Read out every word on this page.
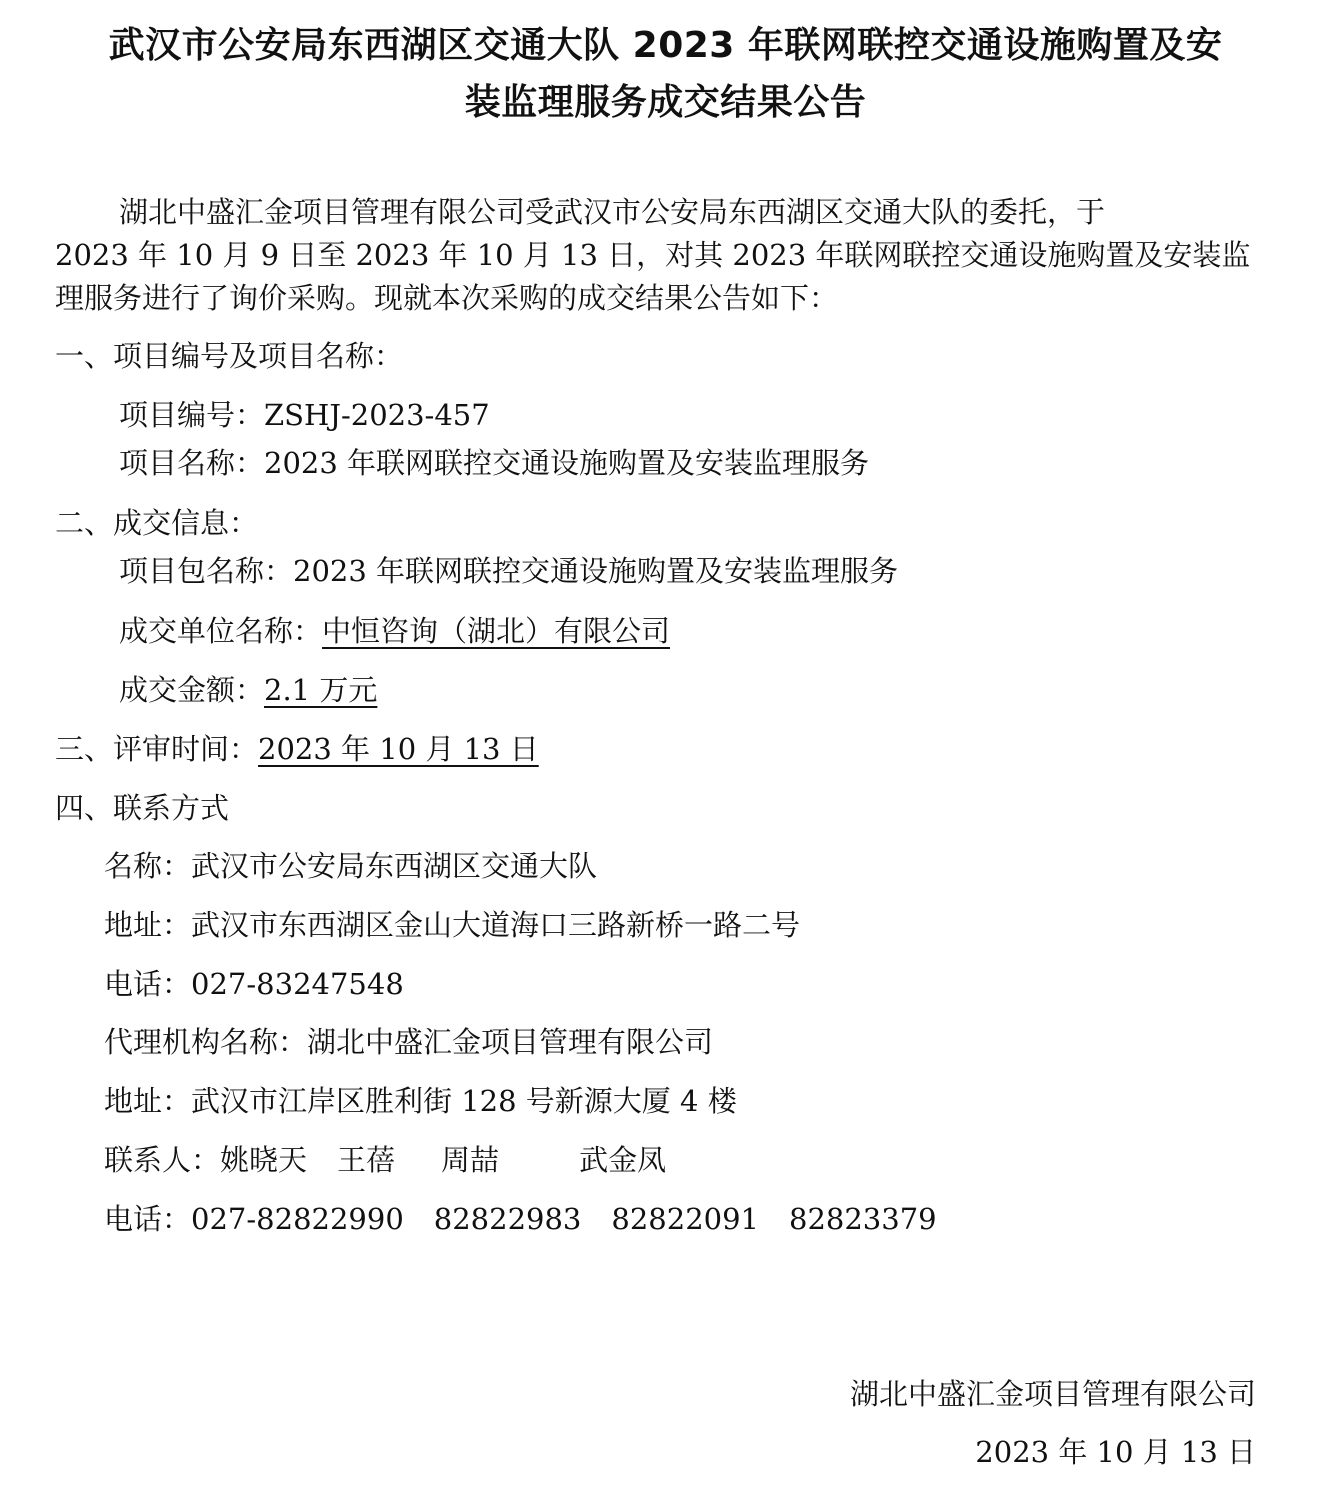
武汉市公安局东西湖区交通大队 2023 年联网联控交通设施购置及安
装监理服务成交结果公告
湖北中盛汇金项目管理有限公司受武汉市公安局东西湖区交通大队的委托，于
2023 年 10 月 9 日至 2023 年 10 月 13 日，对其 2023 年联网联控交通设施购置及安装监
理服务进行了询价采购。现就本次采购的成交结果公告如下：
一、项目编号及项目名称：
项目编号：ZSHJ-2023-457
项目名称：2023 年联网联控交通设施购置及安装监理服务
二、成交信息：
项目包名称：2023 年联网联控交通设施购置及安装监理服务
成交单位名称：中恒咨询（湖北）有限公司
成交金额：2.1 万元
三、评审时间：2023 年 10 月 13 日
四、联系方式
名称：武汉市公安局东西湖区交通大队
地址：武汉市东西湖区金山大道海口三路新桥一路二号
电话：027-83247548
代理机构名称：湖北中盛汇金项目管理有限公司
地址：武汉市江岸区胜利街 128 号新源大厦 4 楼
联系人：姚晓天 王蓓 周喆	武金凤
电话：027-82822990 82822983 82822091 82823379
湖北中盛汇金项目管理有限公司
2023 年 10 月 13 日
